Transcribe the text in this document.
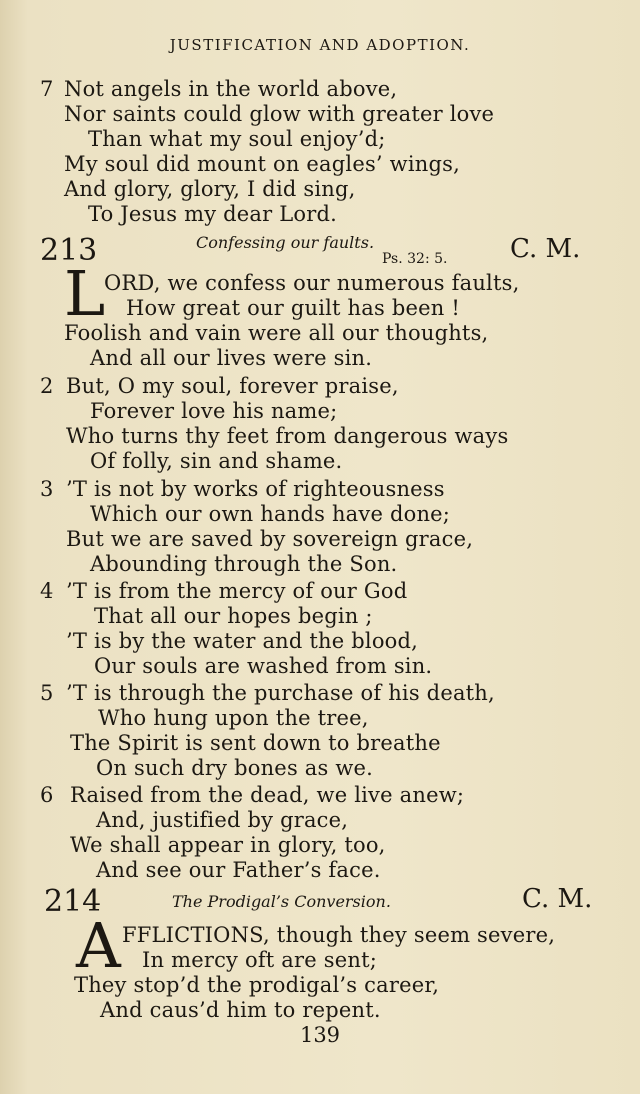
JUSTIFICATION AND ADOPTION.
7 Not angels in the world above,
Nor saints could glow with greater love
Than what my soul enjoy’d;
My soul did mount on eagles’ wings,
And glory, glory, I did sing,
To Jesus my dear Lord.
213	Confessing our faults.
Ps. 32: 5. C. M.
L
ORD, we confess our numerous faults,
How great our guilt has been !
Foolish and vain were all our thoughts,
And all our lives were sin.
2 But, O my soul, forever praise,
Forever love his name;
Who turns thy feet from dangerous ways
Of folly, sin and shame.
3 ’T is not by works of righteousness
Which our own hands have done;
But we are saved by sovereign grace,
Abounding through the Son.
4 ’T is from the mercy of our God
That all our hopes begin ;
’T is by the water and the blood,
Our souls are washed from sin.
5 ’T is through the purchase of his death,
Who hung upon the tree,
The Spirit is sent down to breathe
On such dry bones as we.
6 Raised from the dead, we live anew;
And, justified by grace,
We shall appear in glory, too,
And see our Father’s face.
214	The Prodigal’s Conversion.	C. M.
A FFLICTIONS, though they seem severe,
In mercy oft are sent;
They stop’d the prodigal’s career,
And caus’d him to repent.
139
